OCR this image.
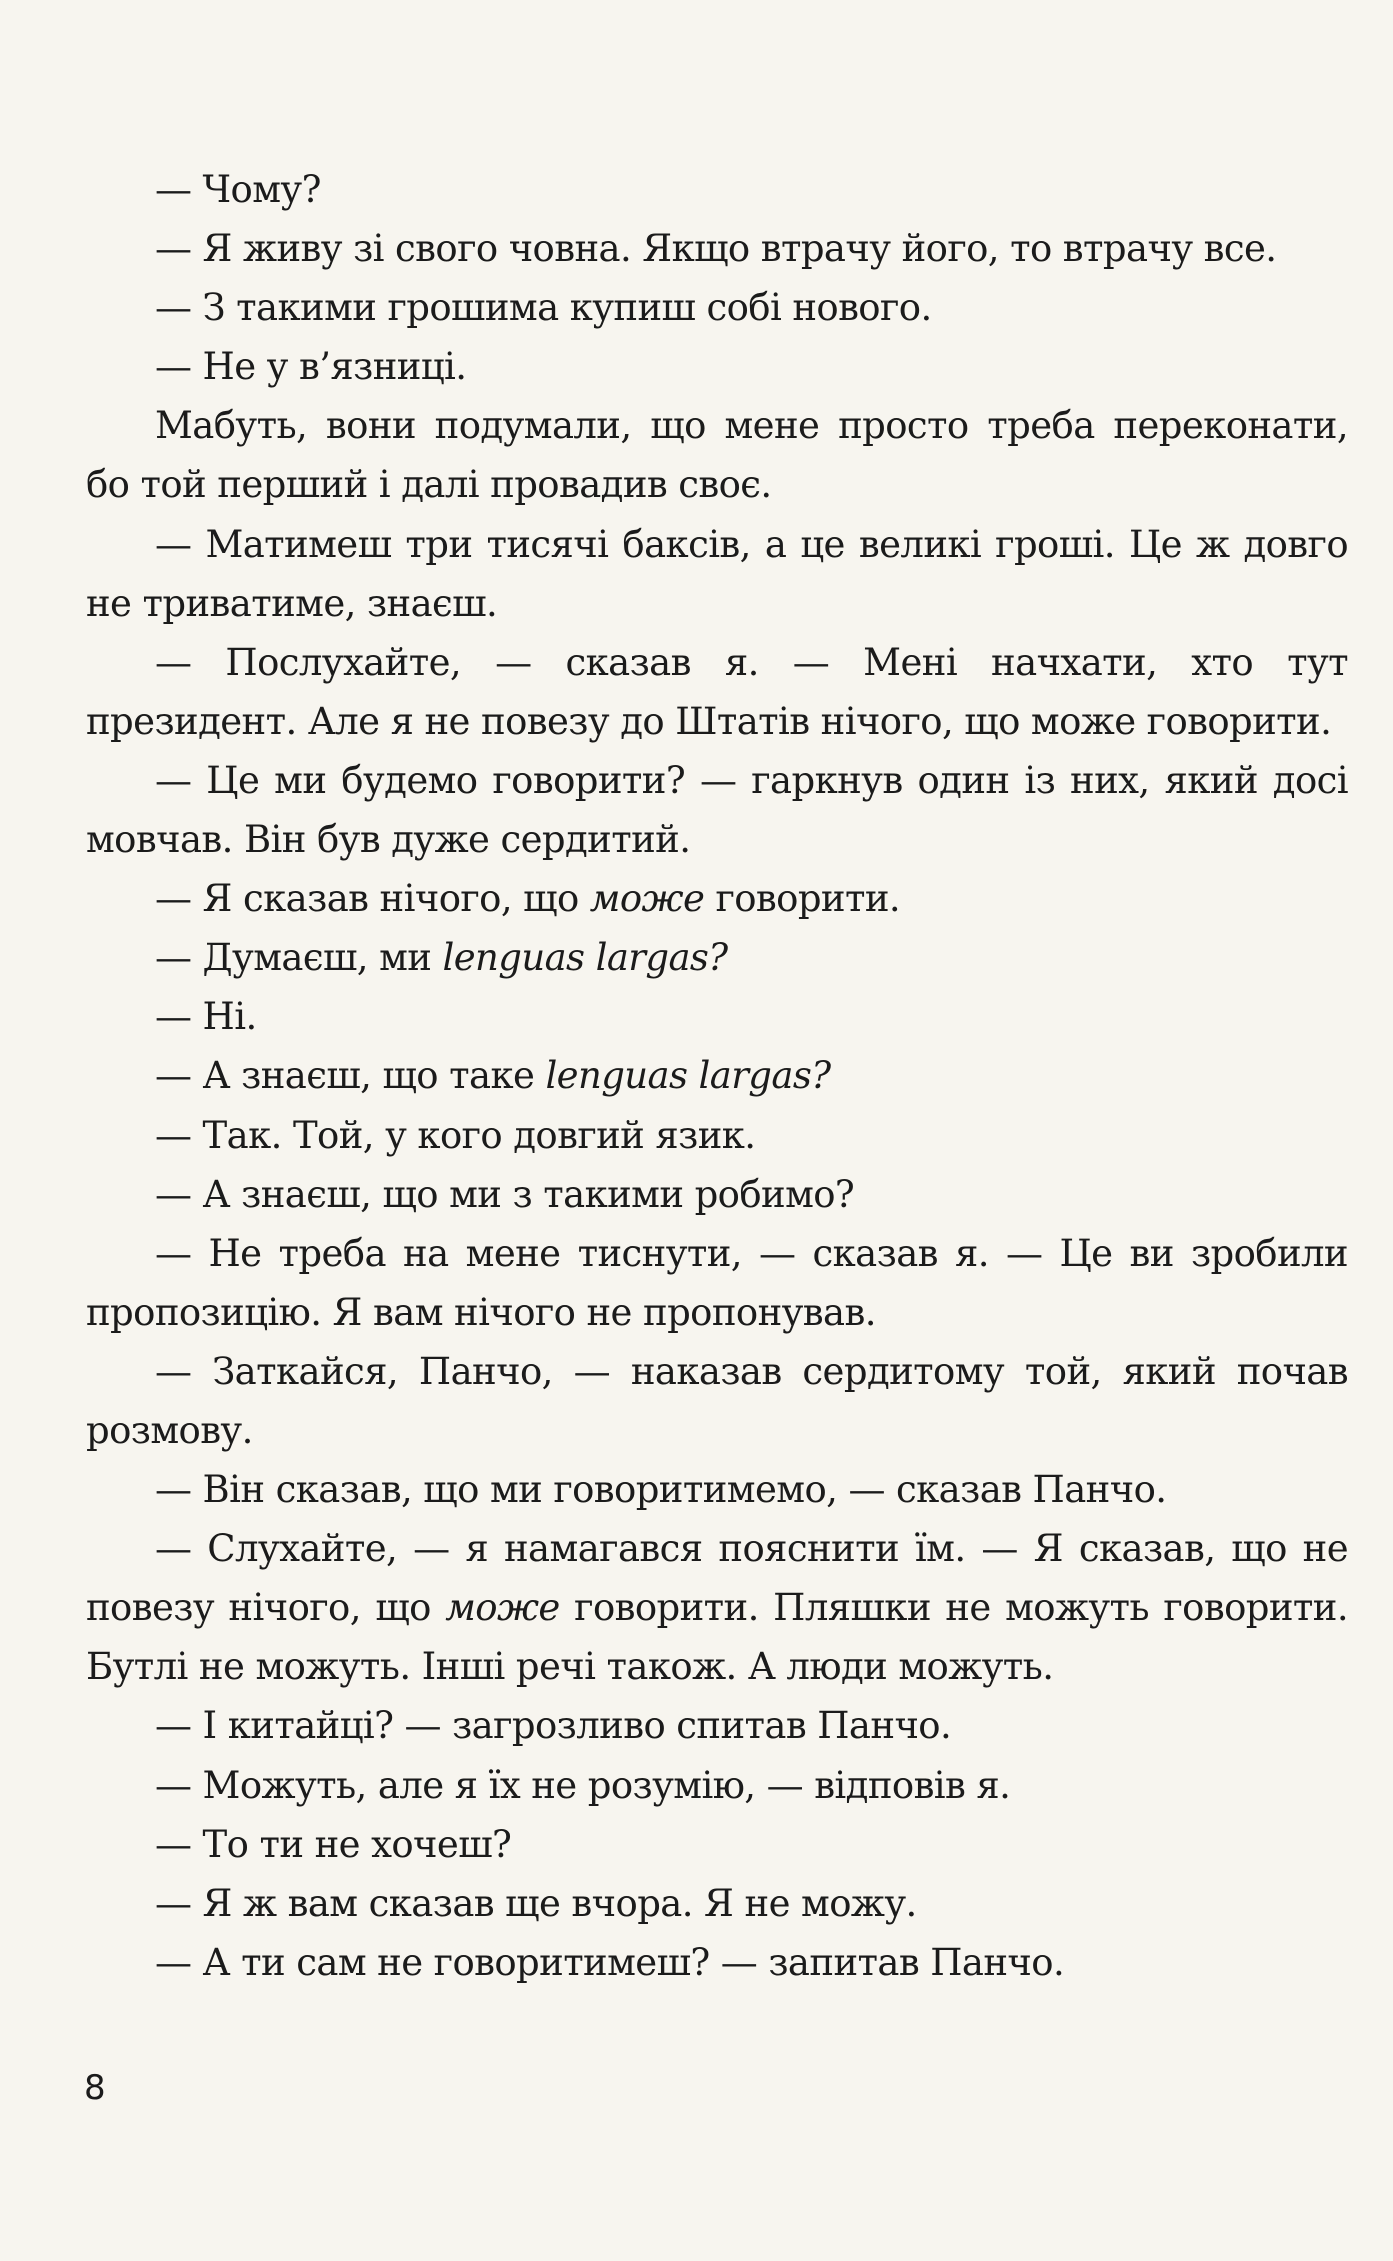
— Чому?

— Я живу зі свого човна. Якщо втрачу його, то втрачу все.

— З такими грошима купиш собі нового.

— Не у в’язниці.

Мабуть, вони подумали, що мене просто треба переконати, бо той перший і далі провадив своє.

— Матимеш три тисячі баксів, а це великі гроші. Це ж довго не триватиме, знаєш.

— Послухайте, — сказав я. — Мені начхати, хто тут президент. Але я не повезу до Штатів нічого, що може говорити.

— Це ми будемо говорити? — гаркнув один із них, який досі мовчав. Він був дуже сердитий.

— Я сказав нічого, що може говорити.

— Думаєш, ми lenguas largas?

— Ні.

— А знаєш, що таке lenguas largas?

— Так. Той, у кого довгий язик.

— А знаєш, що ми з такими робимо?

— Не треба на мене тиснути, — сказав я. — Це ви зробили пропозицію. Я вам нічого не пропонував.

— Заткайся, Панчо, — наказав сердитому той, який почав розмову.

— Він сказав, що ми говоритимемо, — сказав Панчо.

— Слухайте, — я намагався пояснити їм. — Я сказав, що не повезу нічого, що може говорити. Пляшки не можуть говорити. Бутлі не можуть. Інші речі також. А люди можуть.

— І китайці? — загрозливо спитав Панчо.

— Можуть, але я їх не розумію, — відповів я.

— То ти не хочеш?

— Я ж вам сказав ще вчора. Я не можу.

— А ти сам не говоритимеш? — запитав Панчо.

8
